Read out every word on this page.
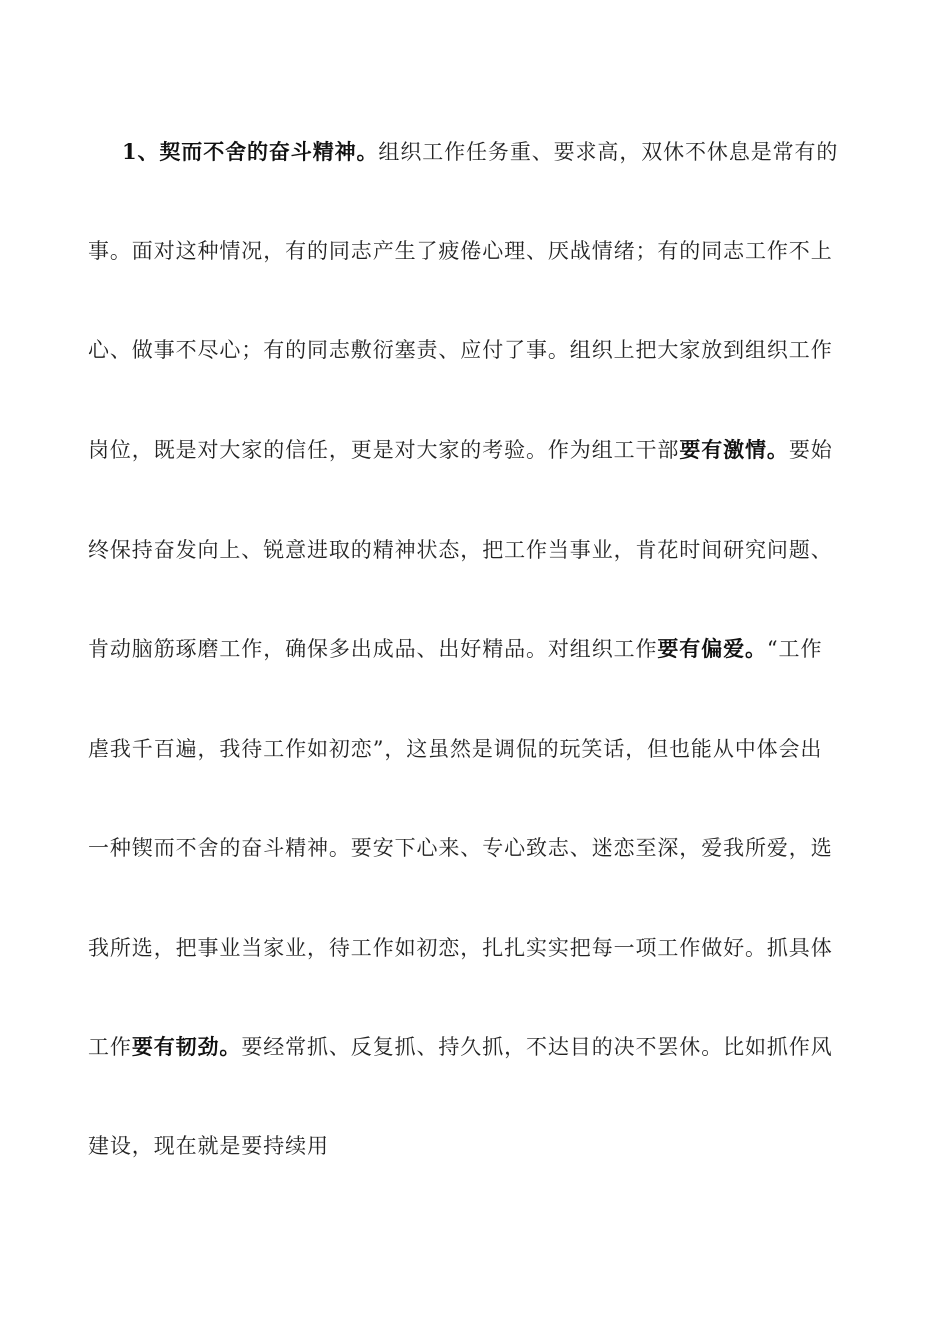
1、契而不舍的奋斗精神。组织工作任务重、要求高，双休不休息是常有的
事。面对这种情况，有的同志产生了疲倦心理、厌战情绪；有的同志工作不上
心、做事不尽心；有的同志敷衍塞责、应付了事。组织上把大家放到组织工作
岗位，既是对大家的信任，更是对大家的考验。作为组工干部要有激情。要始
终保持奋发向上、锐意进取的精神状态，把工作当事业，肯花时间研究问题、
肯动脑筋琢磨工作，确保多出成品、出好精品。对组织工作要有偏爱。“工作
虐我千百遍，我待工作如初恋”，这虽然是调侃的玩笑话，但也能从中体会出
一种锲而不舍的奋斗精神。要安下心来、专心致志、迷恋至深，爱我所爱，选
我所选，把事业当家业，待工作如初恋，扎扎实实把每一项工作做好。抓具体
工作要有韧劲。要经常抓、反复抓、持久抓，不达目的决不罢休。比如抓作风
建设，现在就是要持续用
